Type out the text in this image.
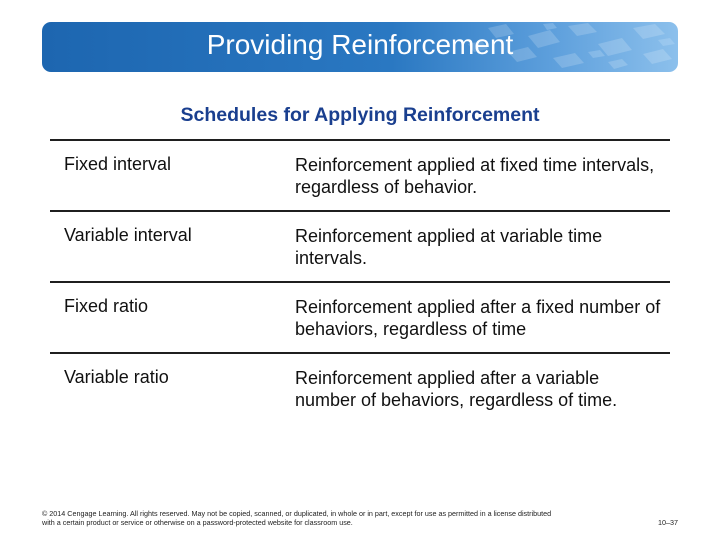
Providing Reinforcement
Schedules for Applying Reinforcement
Fixed interval	Reinforcement applied at fixed time intervals, regardless of behavior.
Variable interval	Reinforcement applied at variable time intervals.
Fixed ratio	Reinforcement applied after a fixed number of behaviors, regardless of time
Variable ratio	Reinforcement applied after a variable number of behaviors, regardless of time.
© 2014 Cengage Learning. All rights reserved. May not be copied, scanned, or duplicated, in whole or in part, except for use as permitted in a license distributed with a certain product or service or otherwise on a password-protected website for classroom use.	10–37
